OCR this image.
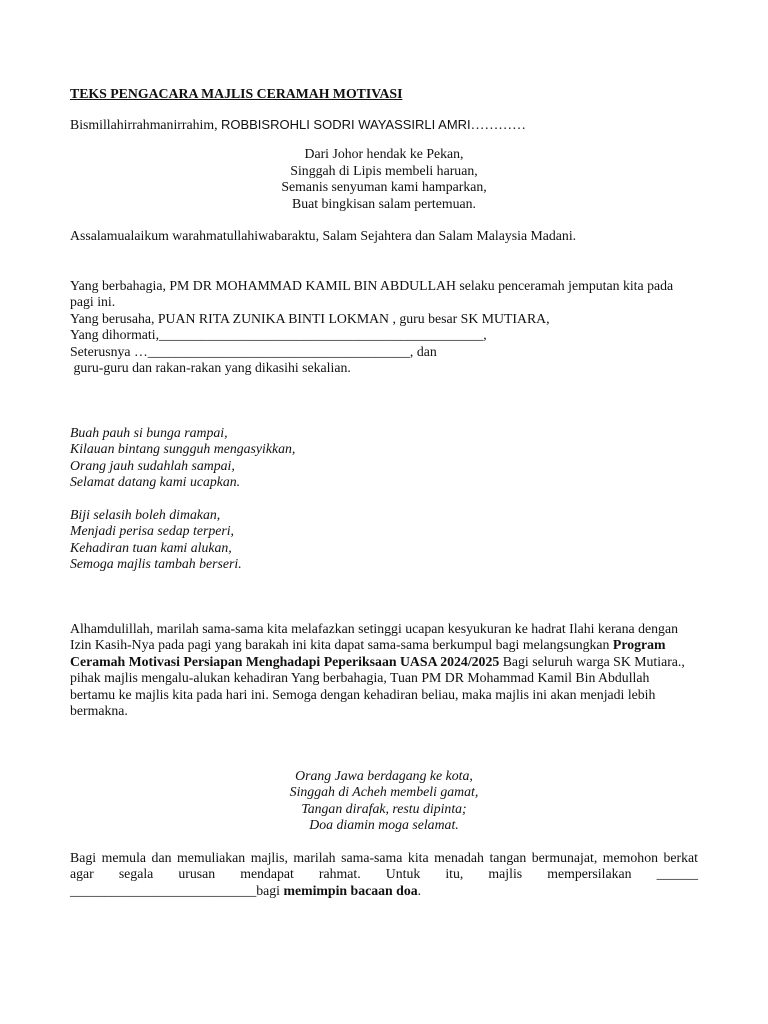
TEKS PENGACARA MAJLIS CERAMAH MOTIVASI

Bismillahirrahmanirrahim, ROBBISROHLI SODRI WAYASSIRLI AMRI…………

Dari Johor hendak ke Pekan,

Singgah di Lipis membeli haruan,

Semanis senyuman kami hamparkan,

Buat bingkisan salam pertemuan.

Assalamualaikum warahmatullahiwabaraktu, Salam Sejahtera dan Salam Malaysia Madani.

Yang berbahagia, PM DR MOHAMMAD KAMIL BIN ABDULLAH selaku penceramah jemputan kita pada pagi ini.

Yang berusaha, PUAN RITA ZUNIKA BINTI LOKMAN , guru besar SK MUTIARA,

Yang dihormati,_______________________________________________,

Seterusnya …______________________________________, dan

guru-guru dan rakan-rakan yang dikasihi sekalian.

Buah pauh si bunga rampai,

Kilauan bintang sungguh mengasyikkan,

Orang jauh sudahlah sampai,

Selamat datang kami ucapkan.

Biji selasih boleh dimakan,

Menjadi perisa sedap terperi,

Kehadiran tuan kami alukan,

Semoga majlis tambah berseri.

Alhamdulillah, marilah sama-sama kita melafazkan setinggi ucapan kesyukuran ke hadrat Ilahi kerana dengan Izin Kasih-Nya pada pagi yang barakah ini kita dapat sama-sama berkumpul bagi melangsungkan Program Ceramah Motivasi Persiapan Menghadapi Peperiksaan UASA 2024/2025 Bagi seluruh warga SK Mutiara., pihak majlis mengalu-alukan kehadiran Yang berbahagia, Tuan PM DR Mohammad Kamil Bin Abdullah bertamu ke majlis kita pada hari ini. Semoga dengan kehadiran beliau, maka majlis ini akan menjadi lebih bermakna.

Orang Jawa berdagang ke kota,

Singgah di Acheh membeli gamat,

Tangan dirafak, restu dipinta;

Doa diamin moga selamat.

Bagi memula dan memuliakan majlis, marilah sama-sama kita menadah tangan bermunajat, memohon berkat agar segala urusan mendapat rahmat. Untuk itu, majlis mempersilakan ______ ___________________________bagi memimpin bacaan doa.
